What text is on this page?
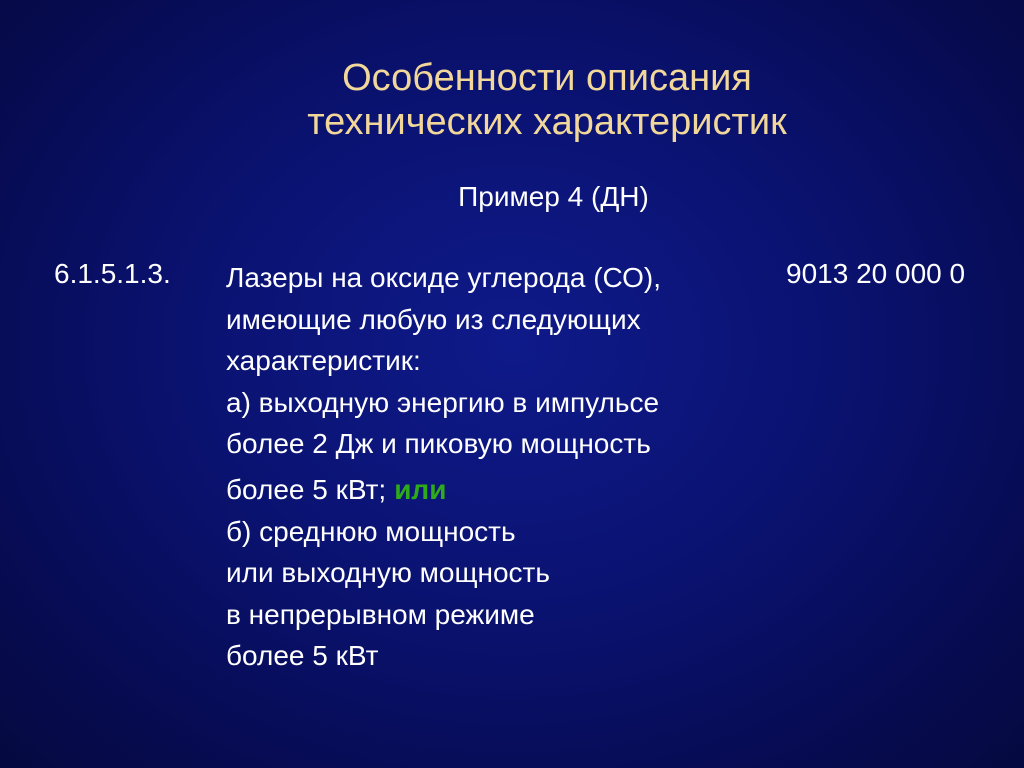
Особенности описания
технических характеристик
Пример 4 (ДН)
6.1.5.1.3. Лазеры на оксиде углерода (СО),
имеющие любую из следующих
характеристик:
а) выходную энергию в импульсе
более 2 Дж и пиковую мощность
более 5 кВт; или
б) среднюю мощность
или выходную мощность
в непрерывном режиме
более 5 кВт
9013 20 000 0
